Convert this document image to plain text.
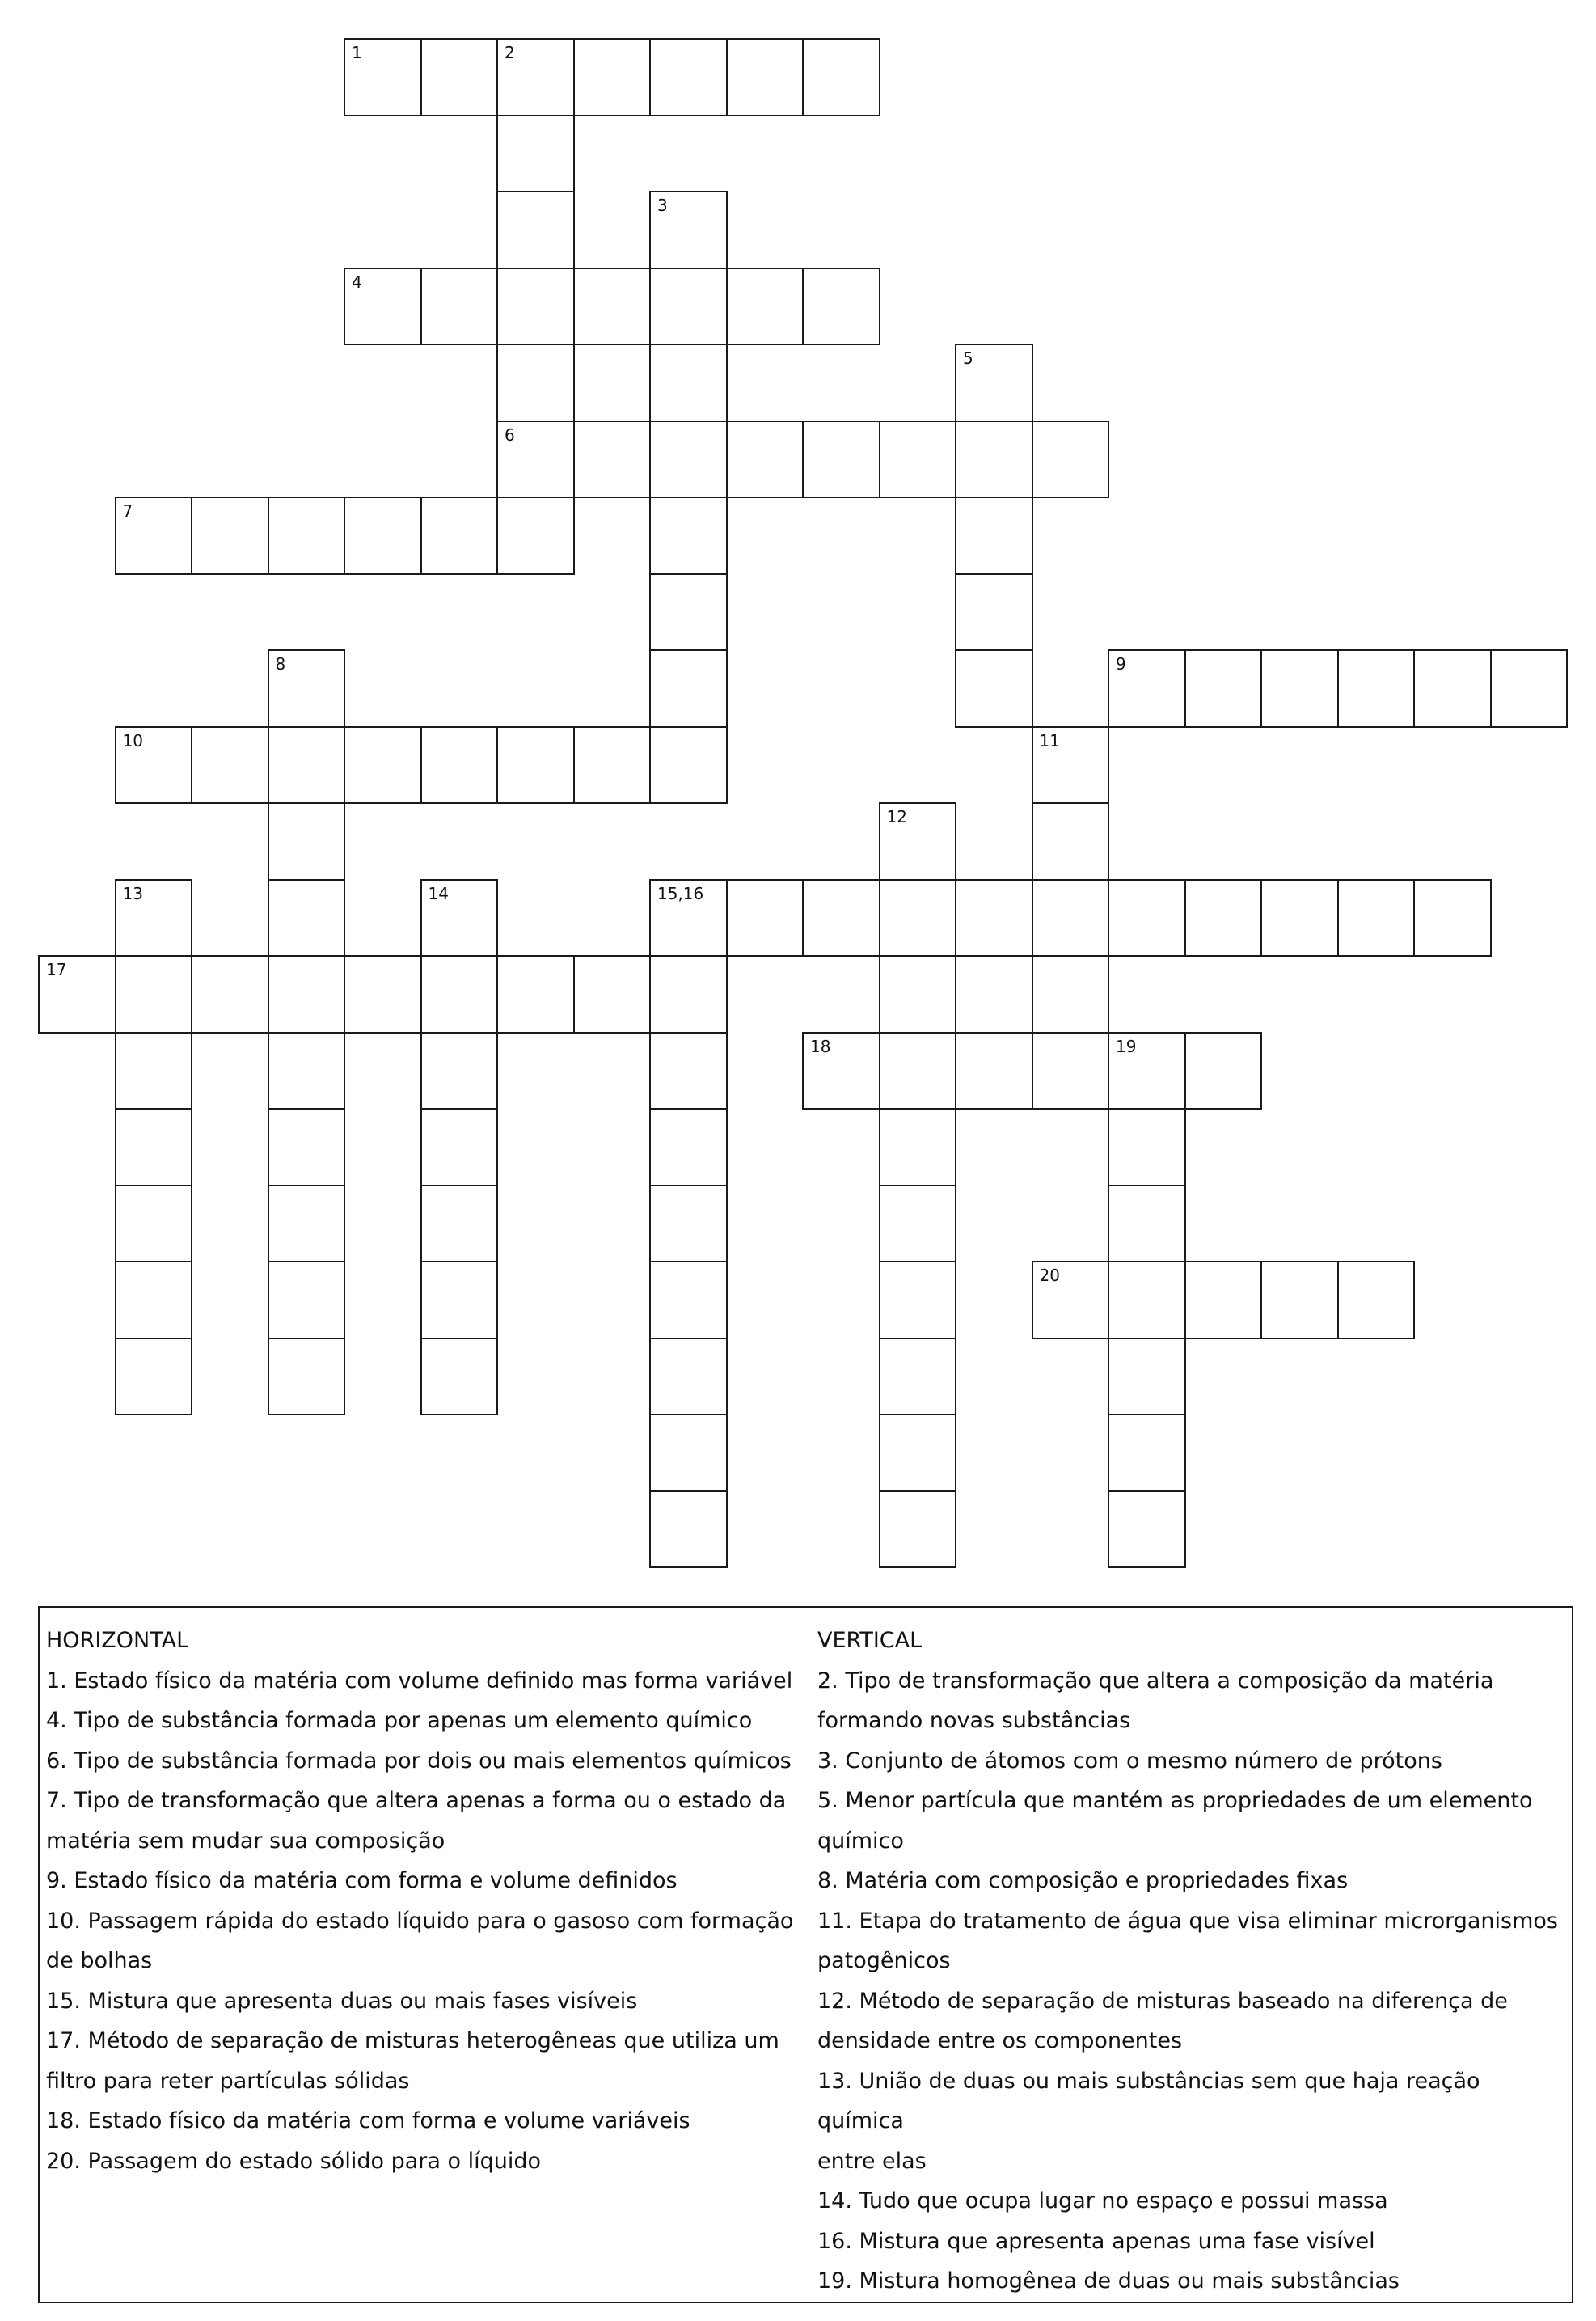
1	2
6
3
4
5
7
8	9
10	11
12
13	14	15,16
17
18	19
20
HORIZONTAL
1. Estado físico da matéria com volume definido mas forma variável
4. Tipo de substância formada por apenas um elemento químico
6. Tipo de substância formada por dois ou mais elementos químicos
7. Tipo de transformação que altera apenas a forma ou o estado da
matéria sem mudar sua composição
9. Estado físico da matéria com forma e volume definidos
10. Passagem rápida do estado líquido para o gasoso com formação
de bolhas
15. Mistura que apresenta duas ou mais fases visíveis
17. Método de separação de misturas heterogêneas que utiliza um
filtro para reter partículas sólidas
18. Estado físico da matéria com forma e volume variáveis
20. Passagem do estado sólido para o líquido
VERTICAL
2. Tipo de transformação que altera a composição da matéria
formando novas substâncias
3. Conjunto de átomos com o mesmo número de prótons
5. Menor partícula que mantém as propriedades de um elemento
químico
8. Matéria com composição e propriedades fixas
11. Etapa do tratamento de água que visa eliminar microrganismos
patogênicos
12. Método de separação de misturas baseado na diferença de
densidade entre os componentes
13. União de duas ou mais substâncias sem que haja reação química
entre elas
14. Tudo que ocupa lugar no espaço e possui massa
16. Mistura que apresenta apenas uma fase visível
19. Mistura homogênea de duas ou mais substâncias
